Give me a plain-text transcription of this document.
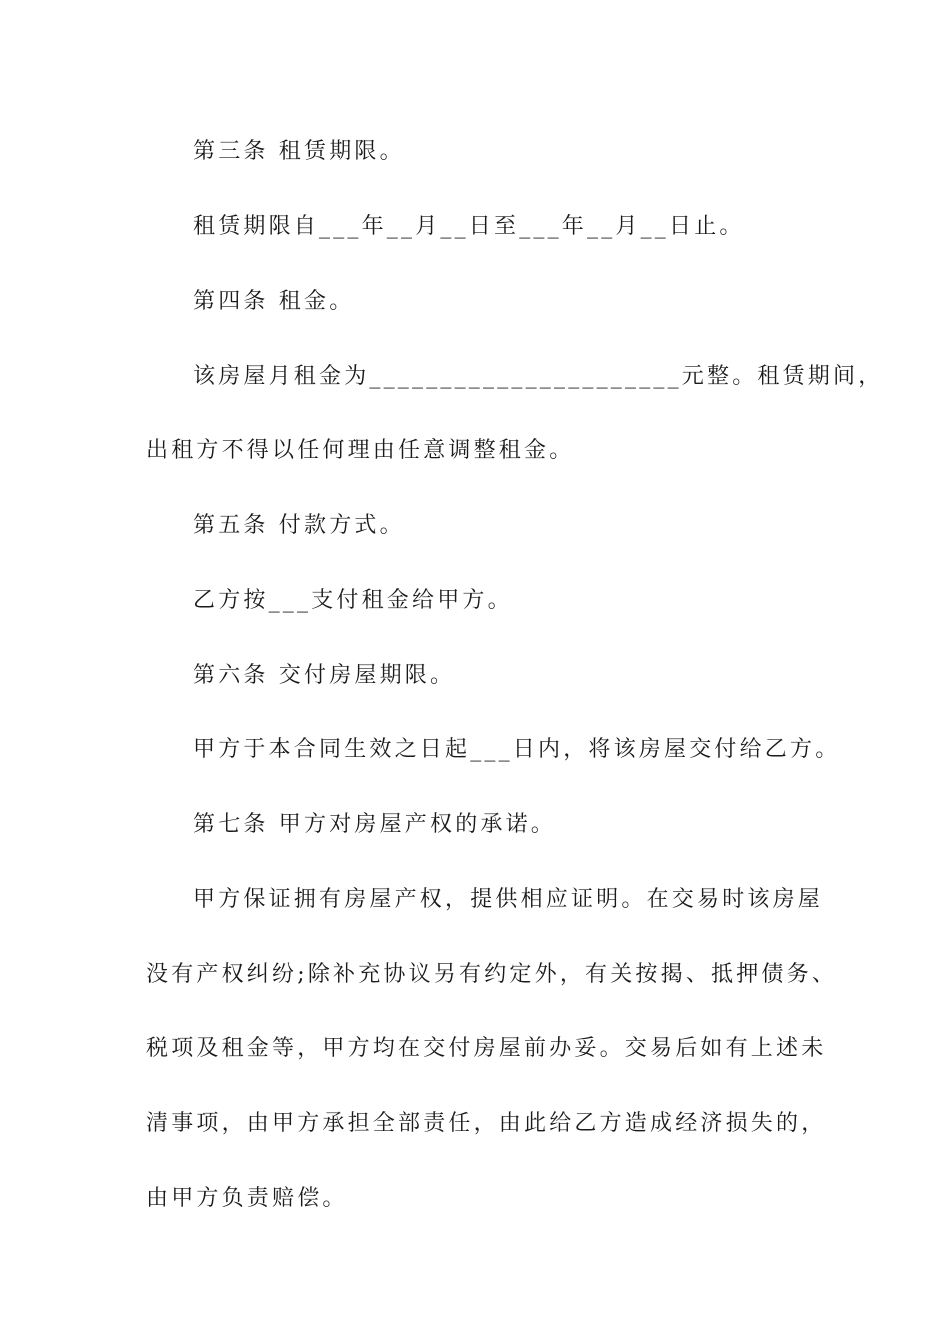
第三条 租赁期限。

租赁期限自___年__月__日至___年__月__日止。

第四条 租金。

该房屋月租金为______________________元整。租赁期间，

出租方不得以任何理由任意调整租金。

第五条 付款方式。

乙方按___支付租金给甲方。

第六条 交付房屋期限。

甲方于本合同生效之日起___日内，将该房屋交付给乙方。

第七条 甲方对房屋产权的承诺。

甲方保证拥有房屋产权，提供相应证明。在交易时该房屋

没有产权纠纷;除补充协议另有约定外，有关按揭、抵押债务、

税项及租金等，甲方均在交付房屋前办妥。交易后如有上述未

清事项，由甲方承担全部责任，由此给乙方造成经济损失的，

由甲方负责赔偿。
